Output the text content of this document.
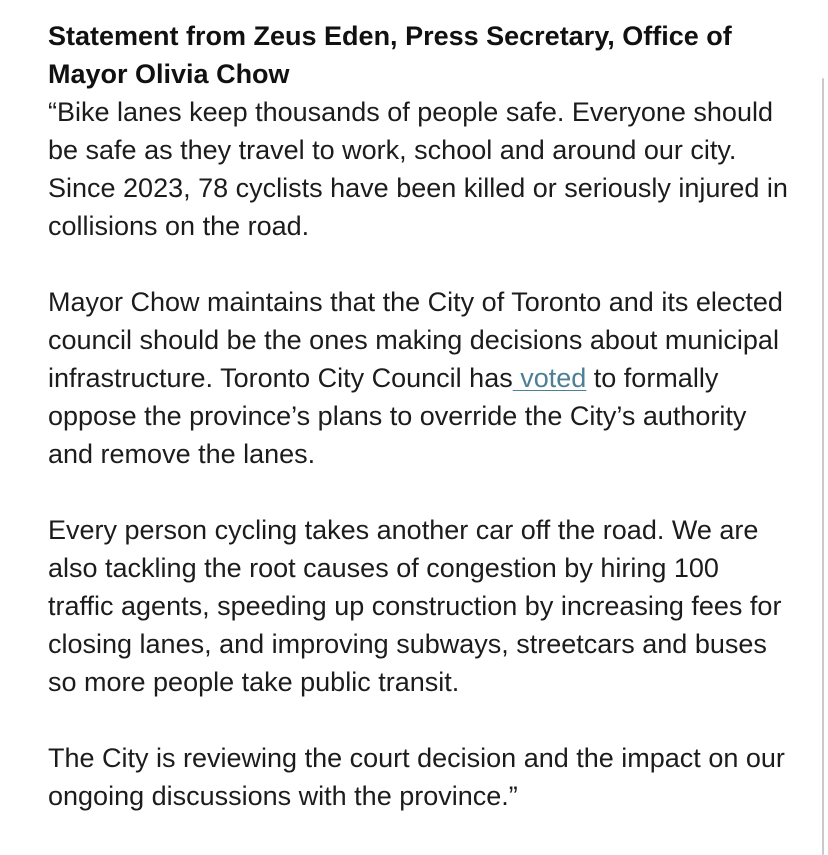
Statement from Zeus Eden, Press Secretary, Office of Mayor Olivia Chow

“Bike lanes keep thousands of people safe. Everyone should be safe as they travel to work, school and around our city. Since 2023, 78 cyclists have been killed or seriously injured in collisions on the road.

Mayor Chow maintains that the City of Toronto and its elected council should be the ones making decisions about municipal infrastructure. Toronto City Council has voted to formally oppose the province’s plans to override the City’s authority and remove the lanes.

Every person cycling takes another car off the road. We are also tackling the root causes of congestion by hiring 100 traffic agents, speeding up construction by increasing fees for closing lanes, and improving subways, streetcars and buses so more people take public transit.

The City is reviewing the court decision and the impact on our ongoing discussions with the province.”
